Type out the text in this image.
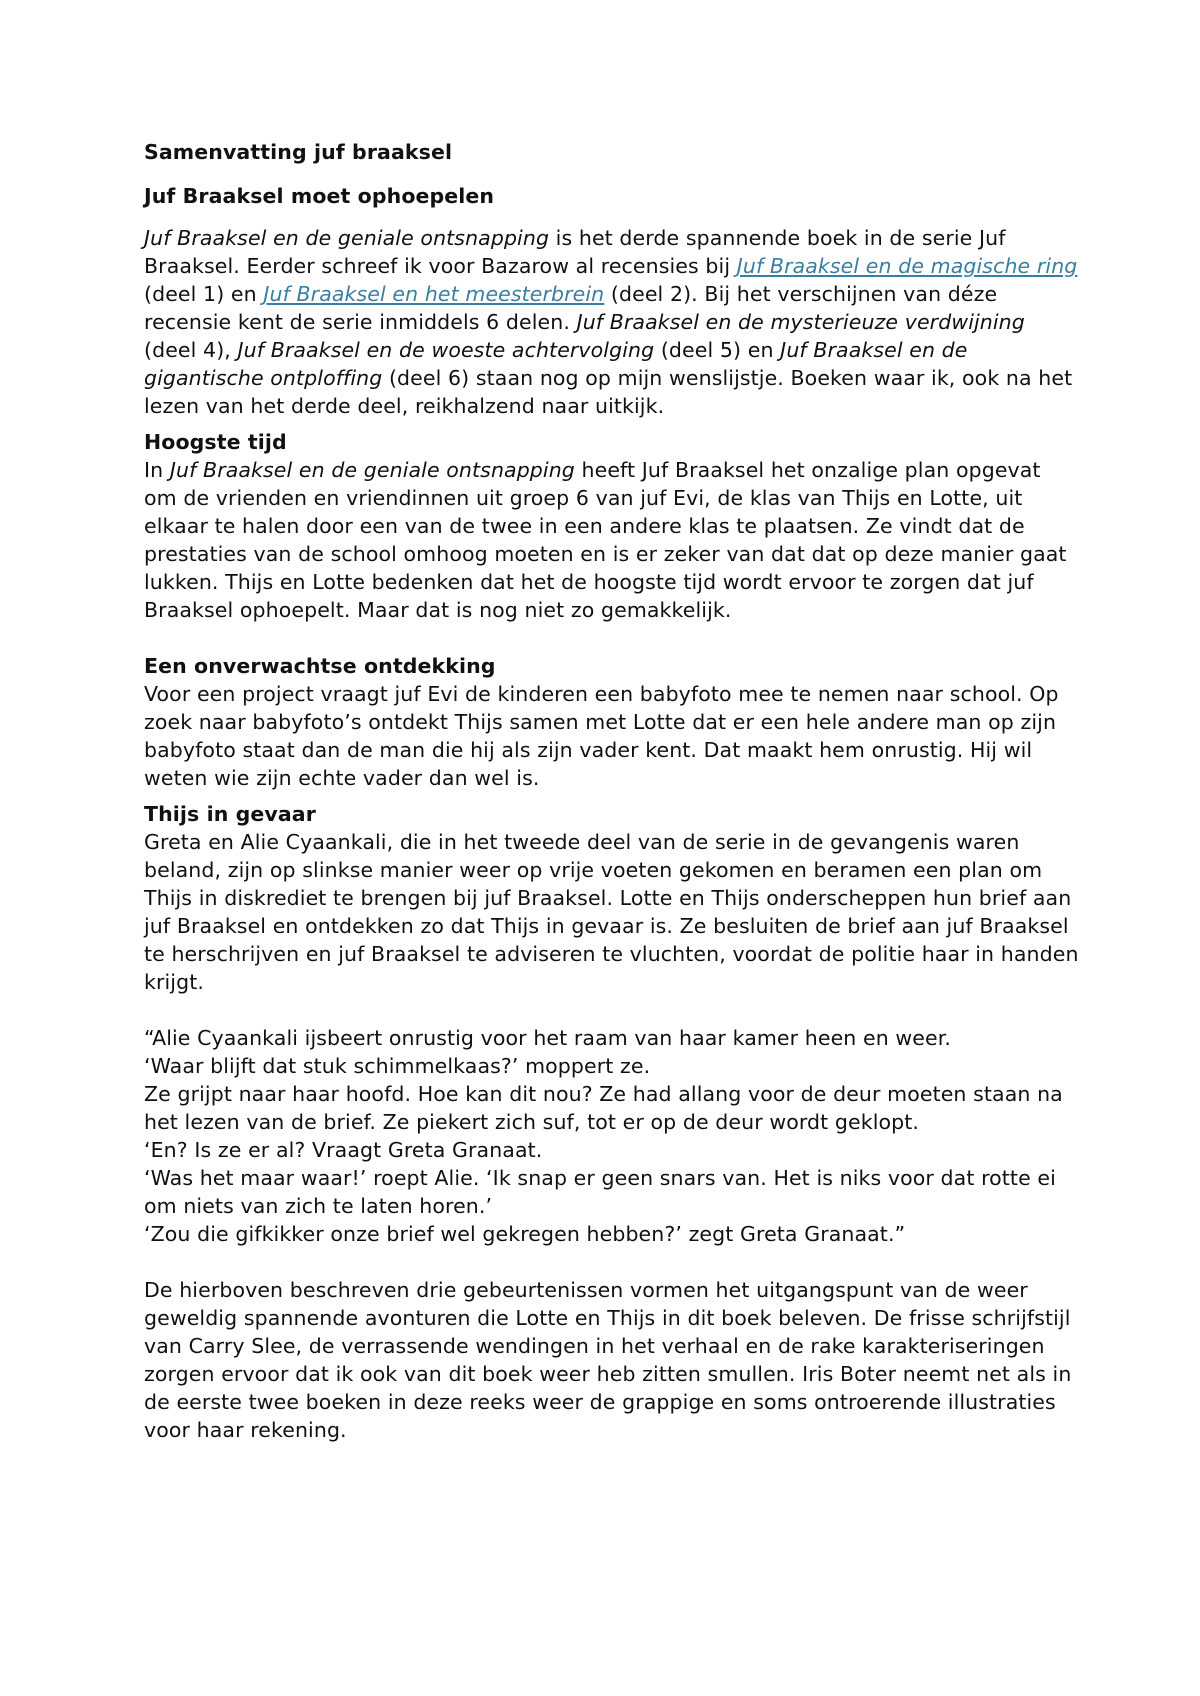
Samenvatting juf braaksel

Juf Braaksel moet ophoepelen

Juf Braaksel en de geniale ontsnapping is het derde spannende boek in de serie Juf Braaksel. Eerder schreef ik voor Bazarow al recensies bij Juf Braaksel en de magische ring (deel 1) en Juf Braaksel en het meesterbrein (deel 2). Bij het verschijnen van déze recensie kent de serie inmiddels 6 delen. Juf Braaksel en de mysterieuze verdwijning (deel 4), Juf Braaksel en de woeste achtervolging (deel 5) en Juf Braaksel en de gigantische ontploffing (deel 6) staan nog op mijn wenslijstje. Boeken waar ik, ook na het lezen van het derde deel, reikhalzend naar uitkijk.

Hoogste tijd

In Juf Braaksel en de geniale ontsnapping heeft Juf Braaksel het onzalige plan opgevat om de vrienden en vriendinnen uit groep 6 van juf Evi, de klas van Thijs en Lotte, uit elkaar te halen door een van de twee in een andere klas te plaatsen. Ze vindt dat de prestaties van de school omhoog moeten en is er zeker van dat dat op deze manier gaat lukken. Thijs en Lotte bedenken dat het de hoogste tijd wordt ervoor te zorgen dat juf Braaksel ophoepelt. Maar dat is nog niet zo gemakkelijk.

Een onverwachtse ontdekking

Voor een project vraagt juf Evi de kinderen een babyfoto mee te nemen naar school. Op zoek naar babyfoto’s ontdekt Thijs samen met Lotte dat er een hele andere man op zijn babyfoto staat dan de man die hij als zijn vader kent. Dat maakt hem onrustig. Hij wil weten wie zijn echte vader dan wel is.

Thijs in gevaar

Greta en Alie Cyaankali, die in het tweede deel van de serie in de gevangenis waren beland, zijn op slinkse manier weer op vrije voeten gekomen en beramen een plan om Thijs in diskrediet te brengen bij juf Braaksel. Lotte en Thijs onderscheppen hun brief aan juf Braaksel en ontdekken zo dat Thijs in gevaar is. Ze besluiten de brief aan juf Braaksel te herschrijven en juf Braaksel te adviseren te vluchten, voordat de politie haar in handen krijgt.

“Alie Cyaankali ijsbeert onrustig voor het raam van haar kamer heen en weer.

‘Waar blijft dat stuk schimmelkaas?’ moppert ze.

Ze grijpt naar haar hoofd. Hoe kan dit nou? Ze had allang voor de deur moeten staan na het lezen van de brief. Ze piekert zich suf, tot er op de deur wordt geklopt.

‘En? Is ze er al? Vraagt Greta Granaat.

‘Was het maar waar!’ roept Alie. ‘Ik snap er geen snars van. Het is niks voor dat rotte ei om niets van zich te laten horen.’

‘Zou die gifkikker onze brief wel gekregen hebben?’ zegt Greta Granaat.”

De hierboven beschreven drie gebeurtenissen vormen het uitgangspunt van de weer geweldig spannende avonturen die Lotte en Thijs in dit boek beleven. De frisse schrijfstijl van Carry Slee, de verrassende wendingen in het verhaal en de rake karakteriseringen zorgen ervoor dat ik ook van dit boek weer heb zitten smullen. Iris Boter neemt net als in de eerste twee boeken in deze reeks weer de grappige en soms ontroerende illustraties voor haar rekening.
